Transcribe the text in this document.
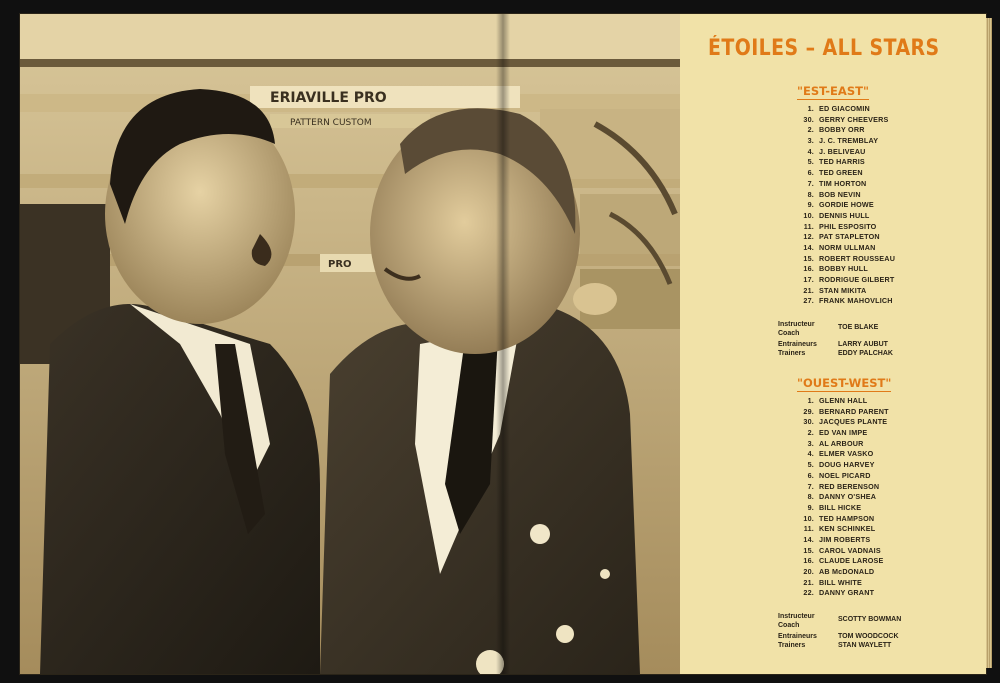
ERIAVILLE PRO
PATTERN CUSTOM
PRO
ÉTOILES – ALL STARS
"EST-EAST"
1. ED GIACOMIN
30. GERRY CHEEVERS
2. BOBBY ORR
3. J. C. TREMBLAY
4. J. BELIVEAU
5. TED HARRIS
6. TED GREEN
7. TIM HORTON
8. BOB NEVIN
9. GORDIE HOWE
10. DENNIS HULL
11. PHIL ESPOSITO
12. PAT STAPLETON
14. NORM ULLMAN
15. ROBERT ROUSSEAU
16. BOBBY HULL
17. RODRIGUE GILBERT
21. STAN MIKITA
27. FRANK MAHOVLICH
Instructeur Coach
TOE BLAKE
Entraineurs Trainers
LARRY AUBUT
EDDY PALCHAK
"OUEST-WEST"
1. GLENN HALL
29. BERNARD PARENT
30. JACQUES PLANTE
2. ED VAN IMPE
3. AL ARBOUR
4. ELMER VASKO
5. DOUG HARVEY
6. NOEL PICARD
7. RED BERENSON
8. DANNY O'SHEA
9. BILL HICKE
10. TED HAMPSON
11. KEN SCHINKEL
14. JIM ROBERTS
15. CAROL VADNAIS
16. CLAUDE LAROSE
20. AB McDONALD
21. BILL WHITE
22. DANNY GRANT
Instructeur Coach
SCOTTY BOWMAN
Entraineurs Trainers
TOM WOODCOCK
STAN WAYLETT
